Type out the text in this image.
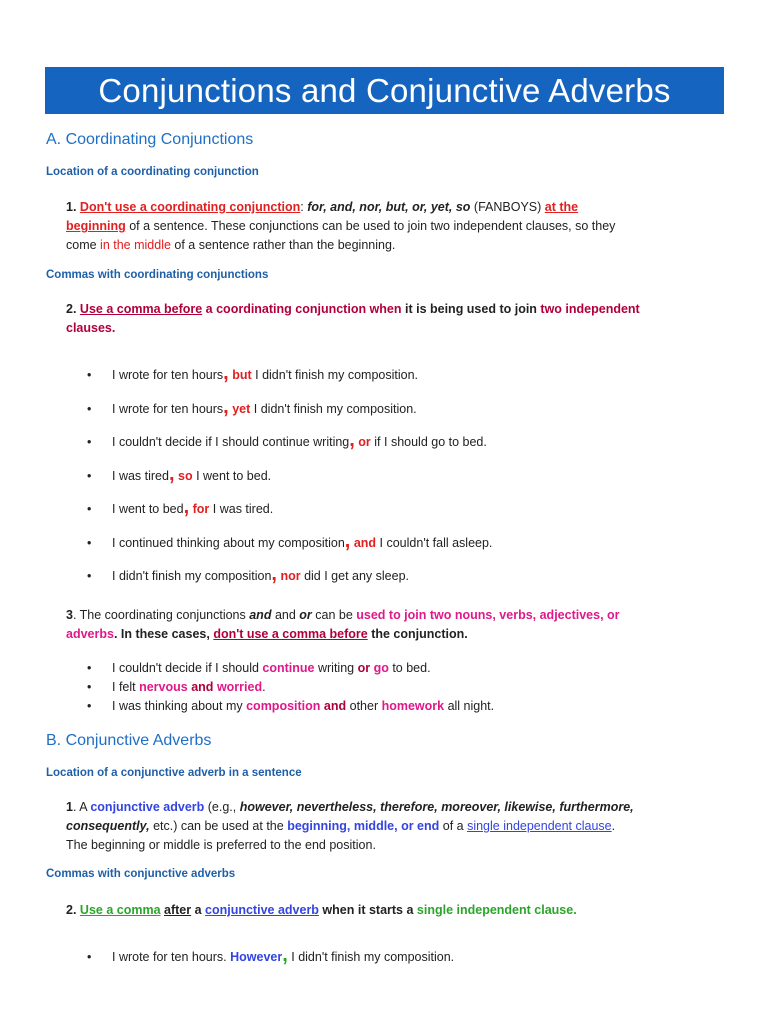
Conjunctions and Conjunctive Adverbs
A. Coordinating Conjunctions
Location of a coordinating conjunction
1. Don't use a coordinating conjunction: for, and, nor, but, or, yet, so (FANBOYS) at the
beginning of a sentence. These conjunctions can be used to join two independent clauses, so they
come in the middle of a sentence rather than the beginning.
Commas with coordinating conjunctions
2. Use a comma before a coordinating conjunction when it is being used to join two independent
clauses.
• I wrote for ten hours, but I didn't finish my composition.
• I wrote for ten hours, yet I didn't finish my composition.
• I couldn't decide if I should continue writing, or if I should go to bed.
• I was tired, so I went to bed.
• I went to bed, for I was tired.
• I continued thinking about my composition, and I couldn't fall asleep.
• I didn't finish my composition, nor did I get any sleep.
3. The coordinating conjunctions and and or can be used to join two nouns, verbs, adjectives, or
adverbs. In these cases, don't use a comma before the conjunction.
• I couldn't decide if I should continue writing or go to bed.
• I felt nervous and worried.
• I was thinking about my composition and other homework all night.
B. Conjunctive Adverbs
Location of a conjunctive adverb in a sentence
1. A conjunctive adverb (e.g., however, nevertheless, therefore, moreover, likewise, furthermore,
consequently, etc.) can be used at the beginning, middle, or end of a single independent clause.
The beginning or middle is preferred to the end position.
Commas with conjunctive adverbs
2. Use a comma after a conjunctive adverb when it starts a single independent clause.
• I wrote for ten hours. However, I didn't finish my composition.
